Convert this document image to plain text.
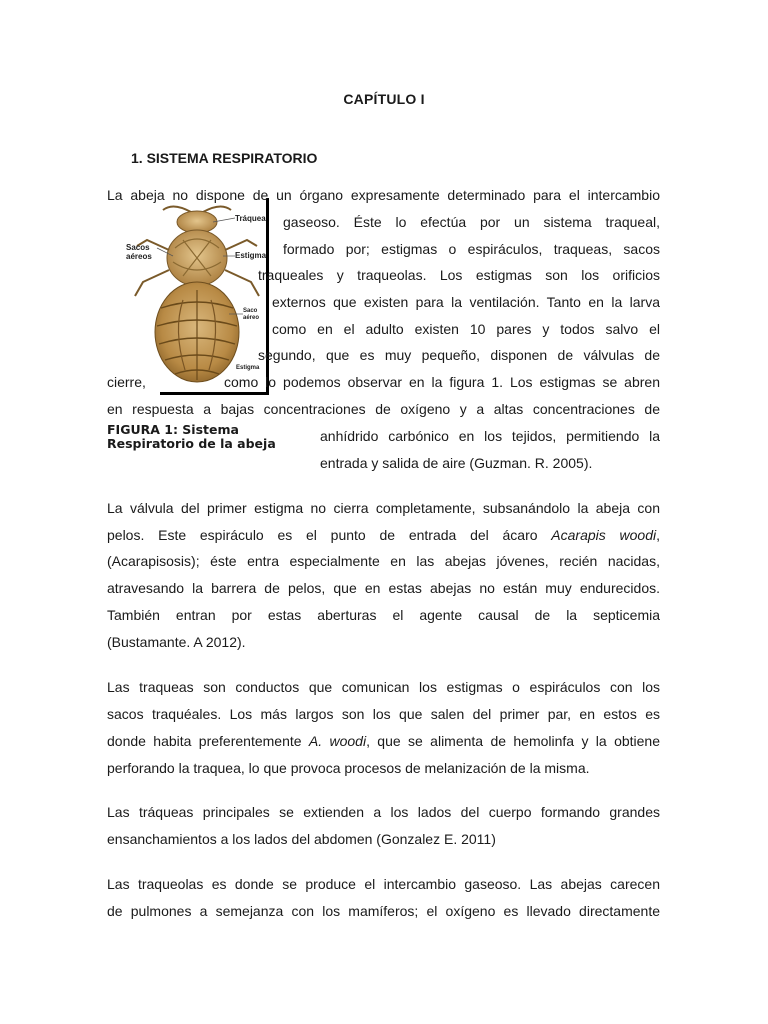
CAPÍTULO I
1. SISTEMA RESPIRATORIO
Tráquea
Sacos
aéreos	Estigma
Saco
aéreo
Estigma
FIGURA 1: Sistema
Respiratorio de la abeja
La abeja no dispone de un órgano expresamente determinado para el intercambio
gaseoso. Éste lo efectúa por un sistema traqueal,
formado por; estigmas o espiráculos, traqueas, sacos
traqueales y traqueolas. Los estigmas son los orificios
externos que existen para la ventilación. Tanto en la larva
como en el adulto existen 10 pares y todos salvo el
segundo, que es muy pequeño, disponen de válvulas de
cierre,	como lo podemos observar en la figura 1. Los estigmas se abren
en respuesta a bajas concentraciones de oxígeno y a altas concentraciones de
anhídrido carbónico en los tejidos, permitiendo la
entrada y salida de aire (Guzman. R. 2005).
La válvula del primer estigma no cierra completamente, subsanándolo la abeja con
pelos. Este espiráculo es el punto de entrada del ácaro Acarapis woodi,
(Acarapisosis); éste entra especialmente en las abejas jóvenes, recién nacidas,
atravesando la barrera de pelos, que en estas abejas no están muy endurecidos.
También entran por estas aberturas el agente causal de la septicemia
(Bustamante. A 2012).
Las traqueas son conductos que comunican los estigmas o espiráculos con los
sacos traquéales. Los más largos son los que salen del primer par, en estos es
donde habita preferentemente A. woodi, que se alimenta de hemolinfa y la obtiene
perforando la traquea, lo que provoca procesos de melanización de la misma.
Las tráqueas principales se extienden a los lados del cuerpo formando grandes
ensanchamientos a los lados del abdomen (Gonzalez E. 2011)
Las traqueolas es donde se produce el intercambio gaseoso. Las abejas carecen
de pulmones a semejanza con los mamíferos; el oxígeno es llevado directamente
